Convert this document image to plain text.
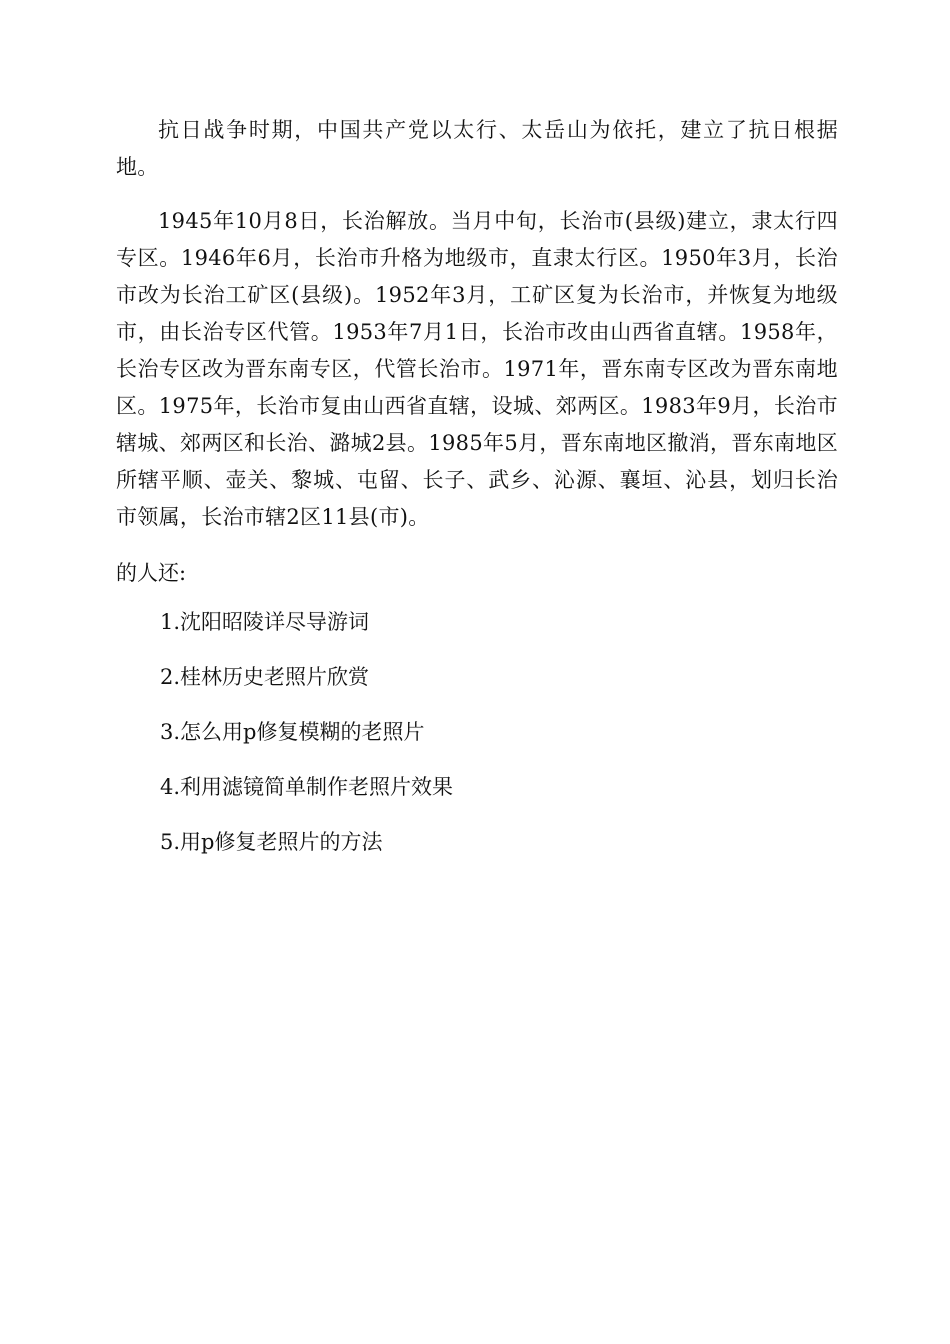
抗日战争时期，中国共产党以太行、太岳山为依托，建立了抗日根据地。

1945年10月8日，长治解放。当月中旬，长治市(县级)建立，隶太行四专区。1946年6月，长治市升格为地级市，直隶太行区。1950年3月，长治市改为长治工矿区(县级)。1952年3月，工矿区复为长治市，并恢复为地级市，由长治专区代管。1953年7月1日，长治市改由山西省直辖。1958年，长治专区改为晋东南专区，代管长治市。1971年，晋东南专区改为晋东南地区。1975年，长治市复由山西省直辖，设城、郊两区。1983年9月，长治市辖城、郊两区和长治、潞城2县。1985年5月，晋东南地区撤消，晋东南地区所辖平顺、壶关、黎城、屯留、长子、武乡、沁源、襄垣、沁县，划归长治市领属，长治市辖2区11县(市)。

的人还:
1.沈阳昭陵详尽导游词
2.桂林历史老照片欣赏
3.怎么用p修复模糊的老照片
4.利用滤镜简单制作老照片效果
5.用p修复老照片的方法
